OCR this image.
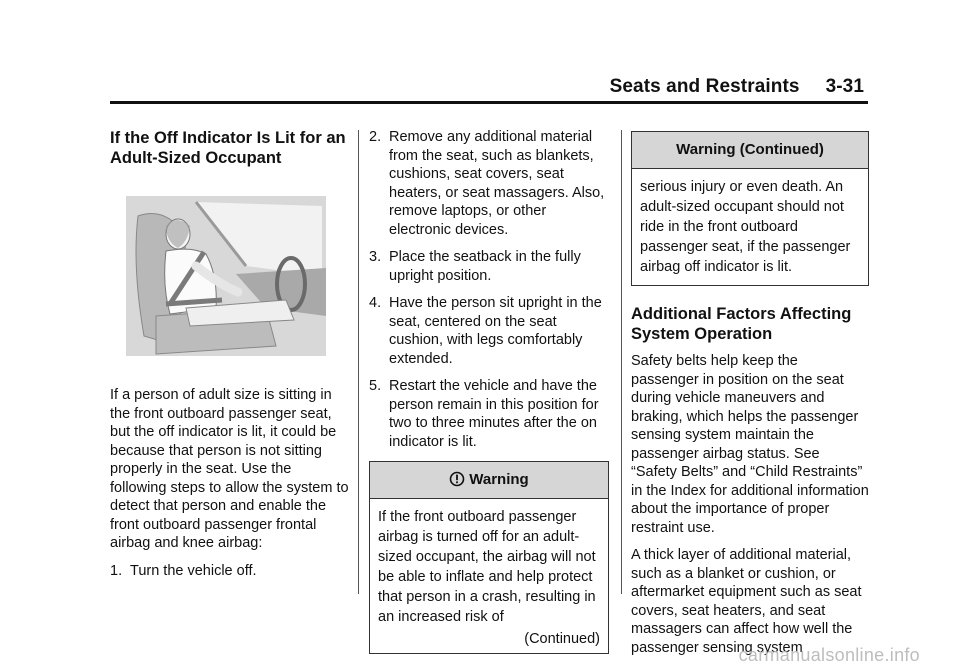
Seats and Restraints 3-31
If the Off Indicator Is Lit for an Adult-Sized Occupant

If a person of adult size is sitting in the front outboard passenger seat, but the off indicator is lit, it could be because that person is not sitting properly in the seat. Use the following steps to allow the system to detect that person and enable the front outboard passenger frontal airbag and knee airbag:

1. Turn the vehicle off.
2. Remove any additional material from the seat, such as blankets, cushions, seat covers, seat heaters, or seat massagers. Also, remove laptops, or other electronic devices.
3. Place the seatback in the fully upright position.
4. Have the person sit upright in the seat, centered on the seat cushion, with legs comfortably extended.
5. Restart the vehicle and have the person remain in this position for two to three minutes after the on indicator is lit.
Warning
If the front outboard passenger airbag is turned off for an adult-sized occupant, the airbag will not be able to inflate and help protect that person in a crash, resulting in an increased risk of
(Continued)
Warning (Continued)
serious injury or even death. An adult-sized occupant should not ride in the front outboard passenger seat, if the passenger airbag off indicator is lit.
Additional Factors Affecting System Operation

Safety belts help keep the passenger in position on the seat during vehicle maneuvers and braking, which helps the passenger sensing system maintain the passenger airbag status. See “Safety Belts” and “Child Restraints” in the Index for additional information about the importance of proper restraint use.

A thick layer of additional material, such as a blanket or cushion, or aftermarket equipment such as seat covers, seat heaters, and seat massagers can affect how well the passenger sensing system

carmanualsonline.info
